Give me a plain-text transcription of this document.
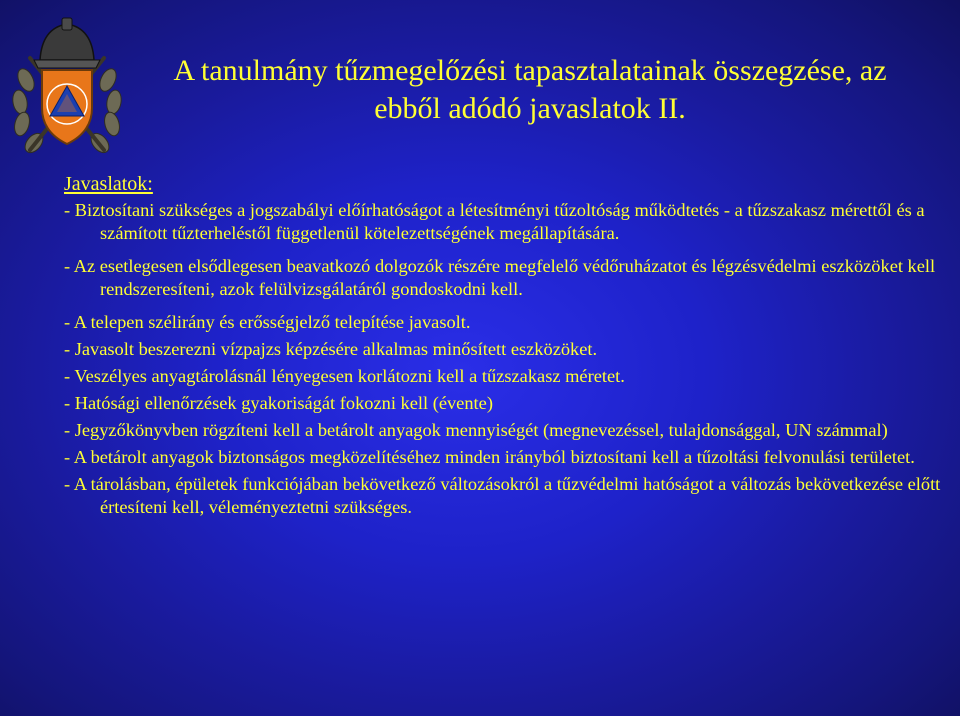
A tanulmány tűzmegelőzési tapasztalatainak összegzése, az
ebből adódó javaslatok II.
Javaslatok:
- Biztosítani szükséges a jogszabályi előírhatóságot a létesítményi tűzoltóság működtetés - a tűzszakasz mérettől és a számított tűzterheléstől függetlenül kötelezettségének megállapítására.
- Az esetlegesen elsődlegesen beavatkozó dolgozók részére megfelelő védőruházatot és légzésvédelmi eszközöket kell rendszeresíteni, azok felülvizsgálatáról gondoskodni kell.
- A telepen szélirány és erősségjelző telepítése javasolt.
- Javasolt beszerezni vízpajzs képzésére alkalmas minősített eszközöket.
- Veszélyes anyagtárolásnál lényegesen korlátozni kell a tűzszakasz méretet.
- Hatósági ellenőrzések gyakoriságát fokozni kell (évente)
- Jegyzőkönyvben rögzíteni kell a betárolt anyagok mennyiségét (megnevezéssel, tulajdonsággal, UN számmal)
- A betárolt anyagok biztonságos megközelítéséhez minden irányból biztosítani kell a tűzoltási felvonulási területet.
- A tárolásban, épületek funkciójában bekövetkező változásokról a tűzvédelmi hatóságot a változás bekövetkezése előtt értesíteni kell, véleményeztetni szükséges.
